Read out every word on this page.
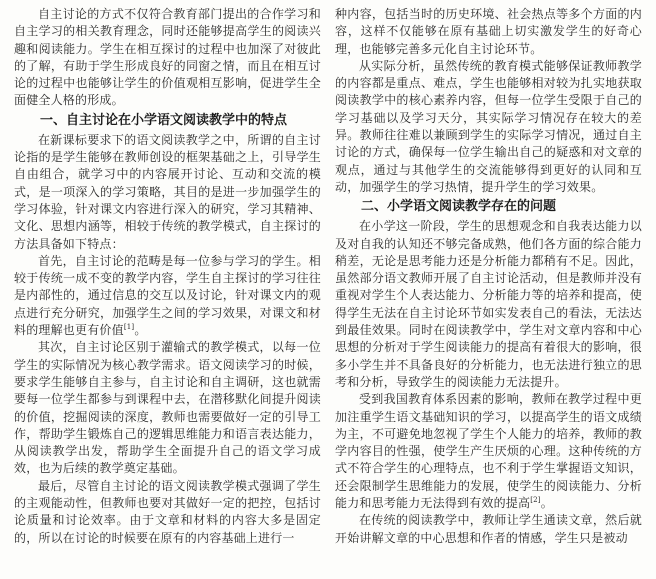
自主讨论的方式不仅符合教育部门提出的合作学习和自主学习的相关教育理念，同时还能够提高学生的阅读兴趣和阅读能力。学生在相互探讨的过程中也加深了对彼此的了解，有助于学生形成良好的同窗之情，而且在相互讨论的过程中也能够让学生的价值观相互影响，促进学生全面健全人格的形成。

一、自主讨论在小学语文阅读教学中的特点

在新课标要求下的语文阅读教学之中，所谓的自主讨论指的是学生能够在教师创设的框架基础之上，引导学生自由组合，就学习中的内容展开讨论、互动和交流的模式，是一项深入的学习策略，其目的是进一步加强学生的学习体验，针对课文内容进行深入的研究，学习其精神、文化、思想内涵等，相较于传统的教学模式，自主探讨的方法具备如下特点：

首先，自主讨论的范畴是每一位参与学习的学生。相较于传统一成不变的教学内容，学生自主探讨的学习往往是内部性的，通过信息的交互以及讨论，针对课文内的观点进行充分研究，加强学生之间的学习效果，对课文和材料的理解也更有价值[1]。

其次，自主讨论区别于灌输式的教学模式，以每一位学生的实际情况为核心教学需求。语文阅读学习的时候，要求学生能够自主参与，自主讨论和自主调研，这也就需要每一位学生都参与到课程中去，在潜移默化间提升阅读的价值，挖掘阅读的深度，教师也需要做好一定的引导工作，帮助学生锻炼自己的逻辑思维能力和语言表达能力，从阅读教学出发，帮助学生全面提升自己的语文学习成效，也为后续的教学奠定基础。

最后，尽管自主讨论的语文阅读教学模式强调了学生的主观能动性，但教师也要对其做好一定的把控，包括讨论质量和讨论效率。由于文章和材料的内容大多是固定的，所以在讨论的时候要在原有的内容基础上进行一

种内容，包括当时的历史环境、社会热点等多个方面的内容，这样不仅能够在原有基础上切实激发学生的好奇心理，也能够完善多元化自主讨论环节。

从实际分析，虽然传统的教育模式能够保证教师教学的内容都是重点、难点，学生也能够相对较为扎实地获取阅读教学中的核心素养内容，但每一位学生受限于自己的学习基础以及学习天分，其实际学习情况存在较大的差异。教师往往难以兼顾到学生的实际学习情况，通过自主讨论的方式，确保每一位学生输出自己的疑惑和对文章的观点，通过与其他学生的交流能够得到更好的认同和互动，加强学生的学习热情，提升学生的学习效果。

二、小学语文阅读教学存在的问题

在小学这一阶段，学生的思想观念和自我表达能力以及对自我的认知还不够完备成熟，他们各方面的综合能力稍差，无论是思考能力还是分析能力都稍有不足。因此，虽然部分语文教师开展了自主讨论活动，但是教师并没有重视对学生个人表达能力、分析能力等的培养和提高，使得学生无法在自主讨论环节如实发表自己的看法，无法达到最佳效果。同时在阅读教学中，学生对文章内容和中心思想的分析对于学生阅读能力的提高有着很大的影响，很多小学生并不具备良好的分析能力，也无法进行独立的思考和分析，导致学生的阅读能力无法提升。

受到我国教育体系因素的影响，教师在教学过程中更加注重学生语文基础知识的学习，以提高学生的语文成绩为主，不可避免地忽视了学生个人能力的培养，教师的教学内容目的性强，使学生产生厌烦的心理。这种传统的方式不符合学生的心理特点，也不利于学生掌握语文知识，还会限制学生思维能力的发展，使学生的阅读能力、分析能力和思考能力无法得到有效的提高[2]。

在传统的阅读教学中，教师让学生通读文章，然后就开始讲解文章的中心思想和作者的情感，学生只是被动
